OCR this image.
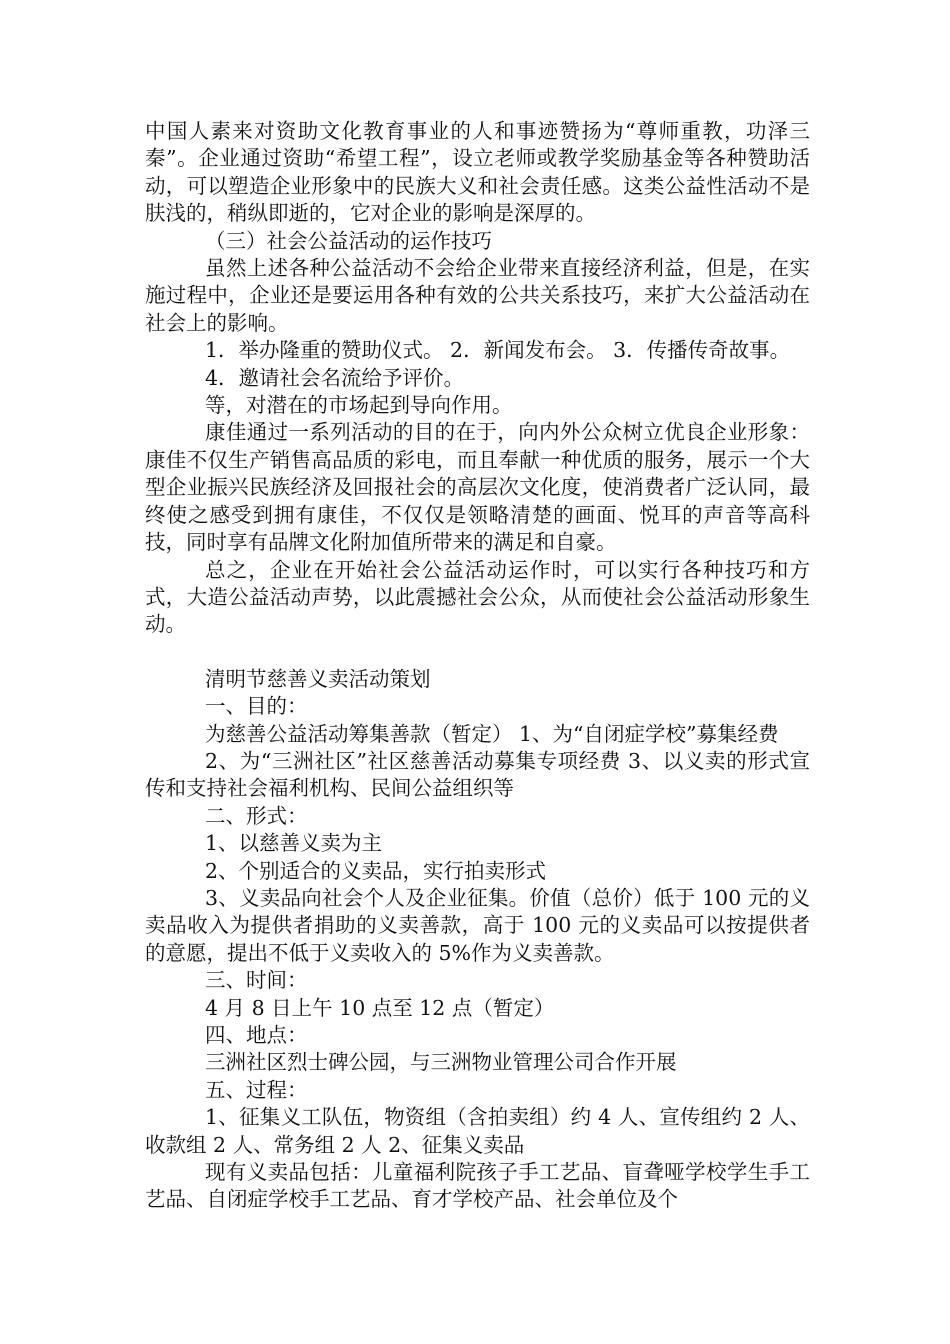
中国人素来对资助文化教育事业的人和事迹赞扬为“尊师重教，功泽三秦”。企业通过资助“希望工程”，设立老师或教学奖励基金等各种赞助活动，可以塑造企业形象中的民族大义和社会责任感。这类公益性活动不是肤浅的，稍纵即逝的，它对企业的影响是深厚的。

（三）社会公益活动的运作技巧

虽然上述各种公益活动不会给企业带来直接经济利益，但是，在实施过程中，企业还是要运用各种有效的公共关系技巧，来扩大公益活动在社会上的影响。

1．举办隆重的赞助仪式。 2．新闻发布会。 3．传播传奇故事。

4．邀请社会名流给予评价。

等，对潜在的市场起到导向作用。

康佳通过一系列活动的目的在于，向内外公众树立优良企业形象：康佳不仅生产销售高品质的彩电，而且奉献一种优质的服务，展示一个大型企业振兴民族经济及回报社会的高层次文化度，使消费者广泛认同，最终使之感受到拥有康佳，不仅仅是领略清楚的画面、悦耳的声音等高科技，同时享有品牌文化附加值所带来的满足和自豪。

总之，企业在开始社会公益活动运作时，可以实行各种技巧和方式，大造公益活动声势，以此震撼社会公众，从而使社会公益活动形象生动。

清明节慈善义卖活动策划

一、目的：

为慈善公益活动筹集善款（暂定） 1、为“自闭症学校”募集经费

2、为“三洲社区”社区慈善活动募集专项经费 3、以义卖的形式宣传和支持社会福利机构、民间公益组织等

二、形式：

1、以慈善义卖为主

2、个别适合的义卖品，实行拍卖形式

3、义卖品向社会个人及企业征集。价值（总价）低于 100 元的义卖品收入为提供者捐助的义卖善款，高于 100 元的义卖品可以按提供者的意愿，提出不低于义卖收入的 5%作为义卖善款。

三、时间：

4 月 8 日上午 10 点至 12 点（暂定）

四、地点：

三洲社区烈士碑公园，与三洲物业管理公司合作开展

五、过程：

1、征集义工队伍，物资组（含拍卖组）约 4 人、宣传组约 2 人、收款组 2 人、常务组 2 人 2、征集义卖品

现有义卖品包括：儿童福利院孩子手工艺品、盲聋哑学校学生手工艺品、自闭症学校手工艺品、育才学校产品、社会单位及个
